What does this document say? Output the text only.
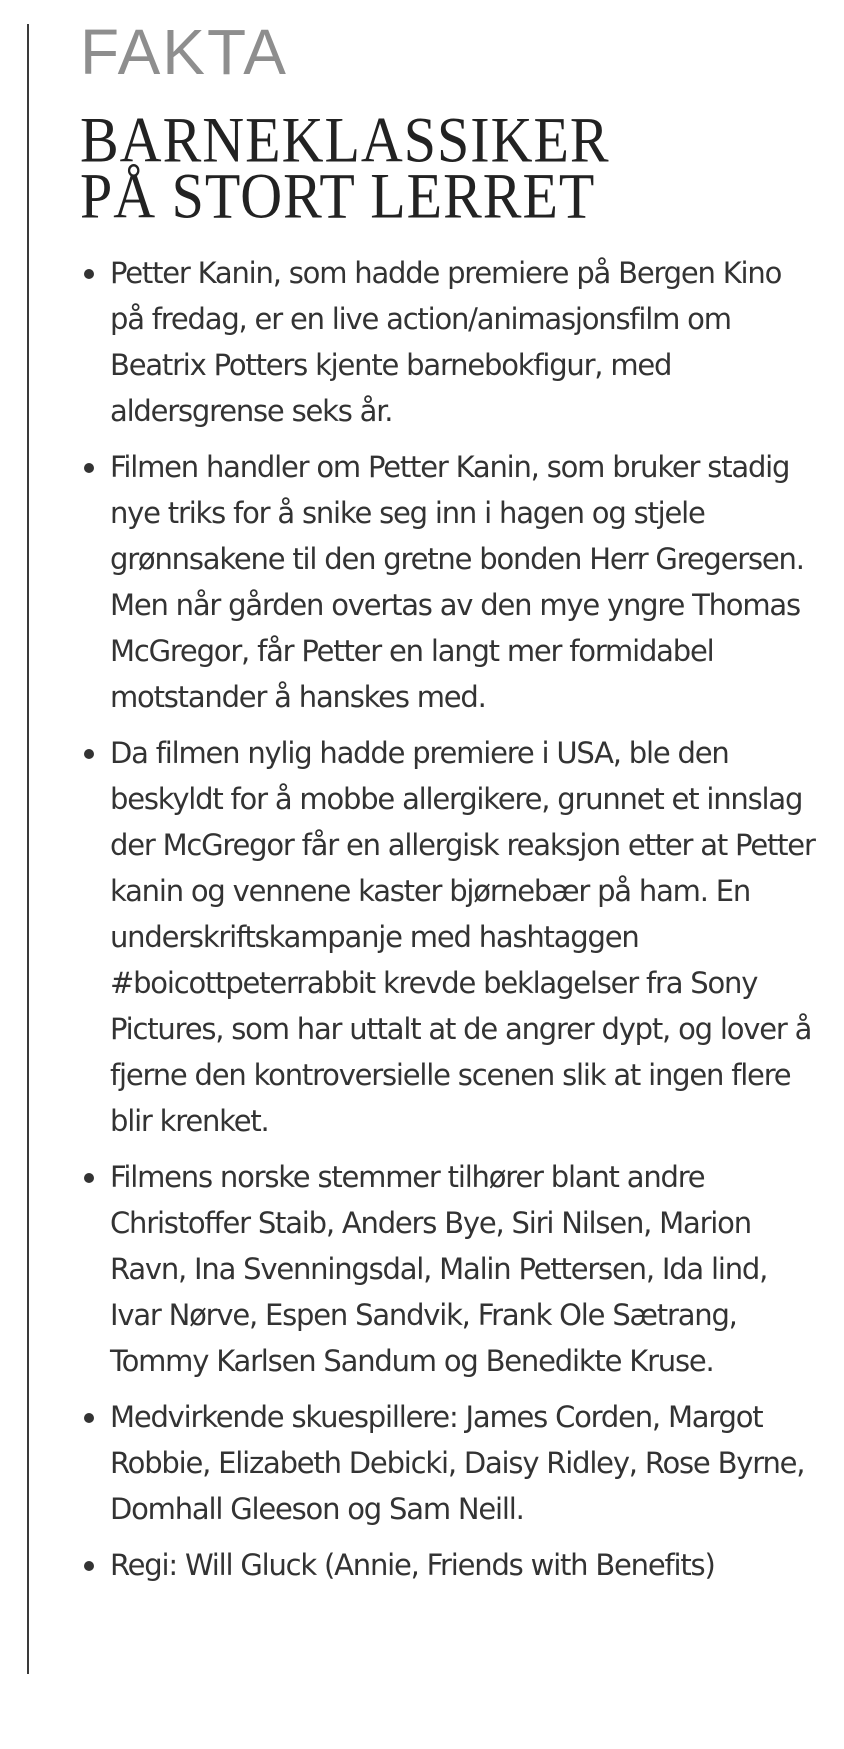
FAKTA
BARNEKLASSIKER
PÅ STORT LERRET
Petter Kanin, som hadde premiere på Bergen Kino på fredag, er en live action/animasjonsfilm om Beatrix Potters kjente barnebokfigur, med aldersgrense seks år.
Filmen handler om Petter Kanin, som bruker stadig nye triks for å snike seg inn i hagen og stjele grønnsakene til den gretne bonden Herr Gregersen. Men når gården overtas av den mye yngre Thomas McGregor, får Petter en langt mer formidabel motstander å hanskes med.
Da filmen nylig hadde premiere i USA, ble den beskyldt for å mobbe allergikere, grunnet et innslag der McGregor får en allergisk reaksjon etter at Petter kanin og vennene kaster bjørnebær på ham. En underskriftskampanje med hashtaggen #boicottpeterrabbit krevde beklagelser fra Sony Pictures, som har uttalt at de angrer dypt, og lover å fjerne den kontroversielle scenen slik at ingen flere blir krenket.
Filmens norske stemmer tilhører blant andre Christoffer Staib, Anders Bye, Siri Nilsen, Marion Ravn, Ina Svenningsdal, Malin Pettersen, Ida lind, Ivar Nørve, Espen Sandvik, Frank Ole Sætrang, Tommy Karlsen Sandum og Benedikte Kruse.
Medvirkende skuespillere: James Corden, Margot Robbie, Elizabeth Debicki, Daisy Ridley, Rose Byrne, Domhall Gleeson og Sam Neill.
Regi: Will Gluck (Annie, Friends with Benefits)
